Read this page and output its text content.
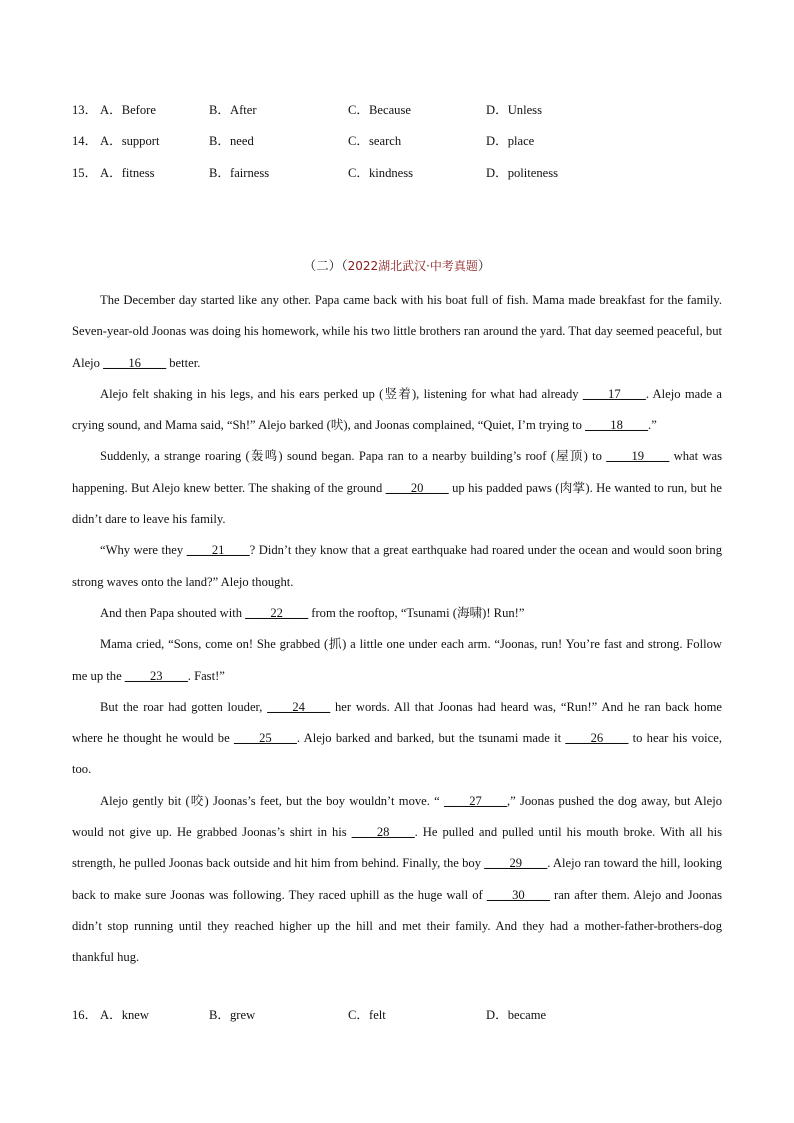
13． A．Before	B．After	C．Because	D．Unless
14． A．support	B．need	C．search	D．place
15． A．fitness	B．fairness	C．kindness	D．politeness
（二）（2022湖北武汉·中考真题）

The December day started like any other. Papa came back with his boat full of fish. Mama made breakfast for the family. Seven-year-old Joonas was doing his homework, while his two little brothers ran around the yard. That day seemed peaceful, but Alejo ____16____ better.

Alejo felt shaking in his legs, and his ears perked up (竖着), listening for what had already ____17____. Alejo made a crying sound, and Mama said, “Sh!” Alejo barked (吠), and Joonas complained, “Quiet, I’m trying to ____18____.”

Suddenly, a strange roaring (轰鸣) sound began. Papa ran to a nearby building’s roof (屋顶) to ____19____ what was happening. But Alejo knew better. The shaking of the ground ____20____ up his padded paws (肉掌). He wanted to run, but he didn’t dare to leave his family.

“Why were they ____21____? Didn’t they know that a great earthquake had roared under the ocean and would soon bring strong waves onto the land?” Alejo thought.

And then Papa shouted with ____22____ from the rooftop, “Tsunami (海啸)! Run!”

Mama cried, “Sons, come on! She grabbed (抓) a little one under each arm. “Joonas, run! You’re fast and strong. Follow me up the ____23____. Fast!”

But the roar had gotten louder, ____24____ her words. All that Joonas had heard was, “Run!” And he ran back home where he thought he would be ____25____. Alejo barked and barked, but the tsunami made it ____26____ to hear his voice, too.

Alejo gently bit (咬) Joonas’s feet, but the boy wouldn’t move. “ ____27____,” Joonas pushed the dog away, but Alejo would not give up. He grabbed Joonas’s shirt in his ____28____. He pulled and pulled until his mouth broke. With all his strength, he pulled Joonas back outside and hit him from behind. Finally, the boy ____29____. Alejo ran toward the hill, looking back to make sure Joonas was following. They raced uphill as the huge wall of ____30____ ran after them. Alejo and Joonas didn’t stop running until they reached higher up the hill and met their family. And they had a mother-father-brothers-dog thankful hug.

16． A．knew	B．grew	C．felt	D．became
